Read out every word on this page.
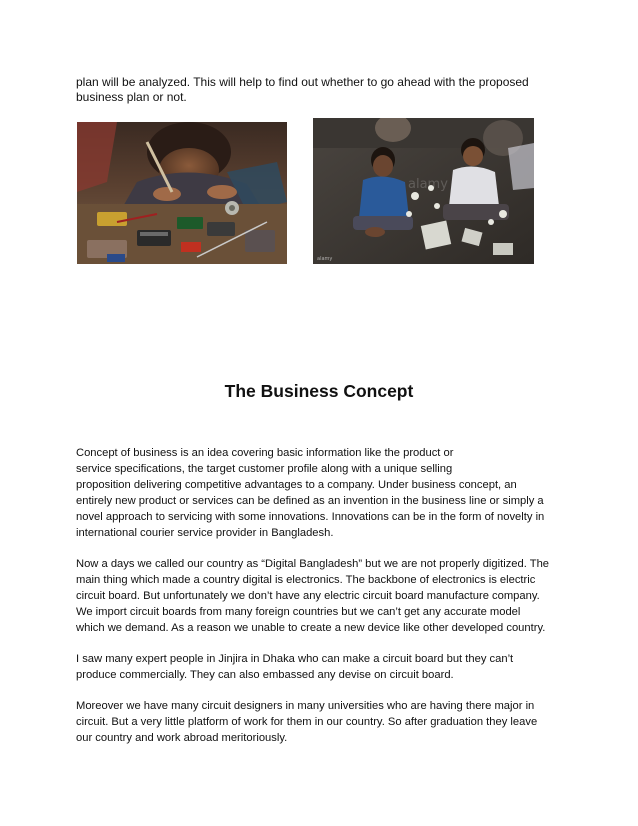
plan will be analyzed. This will help to find out whether to go ahead with the proposed
business plan or not.

alamy
alamy
The Business Concept

Concept of business is an idea covering basic information like the product or
service specifications, the target customer profile along with a unique selling
proposition delivering competitive advantages to a company. Under business concept, an
entirely new product or services can be defined as an invention in the business line or simply a
novel approach to servicing with some innovations. Innovations can be in the form of novelty in
international courier service provider in Bangladesh.

Now a days we called our country as “Digital Bangladesh” but we are not properly digitized. The
main thing which made a country digital is electronics. The backbone of electronics is electric
circuit board. But unfortunately we don’t have any electric circuit board manufacture company.
We import circuit boards from many foreign countries but we can’t get any accurate model
which we demand. As a reason we unable to create a new device like other developed country.

I saw many expert people in Jinjira in Dhaka who can make a circuit board but they can’t
produce commercially. They can also embassed any devise on circuit board.

Moreover we have many circuit designers in many universities who are having there major in
circuit. But a very little platform of work for them in our country. So after graduation they leave
our country and work abroad meritoriously.
